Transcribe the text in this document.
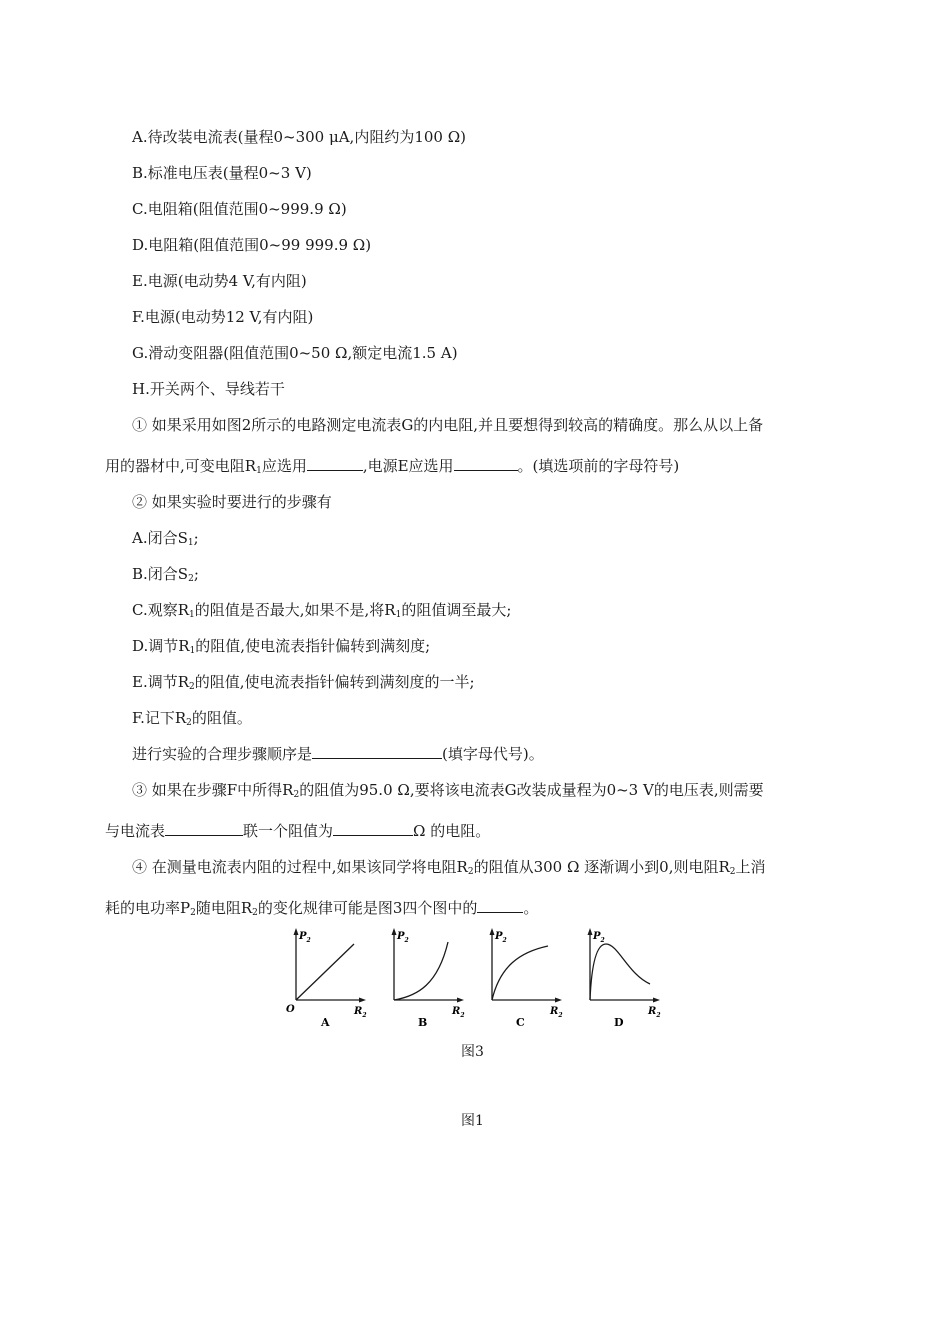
A.待改装电流表(量程0~300 μA,内阻约为100 Ω)
B.标准电压表(量程0~3 V)
C.电阻箱(阻值范围0~999.9 Ω)
D.电阻箱(阻值范围0~99 999.9 Ω)
E.电源(电动势4 V,有内阻)
F.电源(电动势12 V,有内阻)
G.滑动变阻器(阻值范围0~50 Ω,额定电流1.5 A)
H.开关两个、导线若干
① 如果采用如图2所示的电路测定电流表G的内电阻,并且要想得到较高的精确度。那么从以上备
用的器材中,可变电阻$R_1$应选用	,电源E应选用	。(填选项前的字母符号)
② 如果实验时要进行的步骤有
A.闭合$S_1$;
B.闭合$S_2$;
C.观察$R_1$的阻值是否最大,如果不是,将$R_1$的阻值调至最大;
D.调节$R_1$的阻值,使电流表指针偏转到满刻度;
E.调节$R_2$的阻值,使电流表指针偏转到满刻度的一半;
F.记下$R_2$的阻值。
进行实验的合理步骤顺序是	(填字母代号)。
③ 如果在步骤F中所得$R_2$的阻值为95.0 Ω,要将该电流表G改装成量程为0~3 V的电压表,则需要
与电流表	联一个阻值为	Ω 的电阻。
④ 在测量电流表内阻的过程中,如果该同学将电阻$R_2$的阻值从300 Ω 逐渐调小到0,则电阻$R_2$上消
耗的电功率$P_2$随电阻$R_2$的变化规律可能是图3四个图中的	。
$P_2$
$R_2$
O
A
$P_2$
$R_2$
B
$P_2$
$R_2$
C
$P_2$
$R_2$
D
图3
图1
